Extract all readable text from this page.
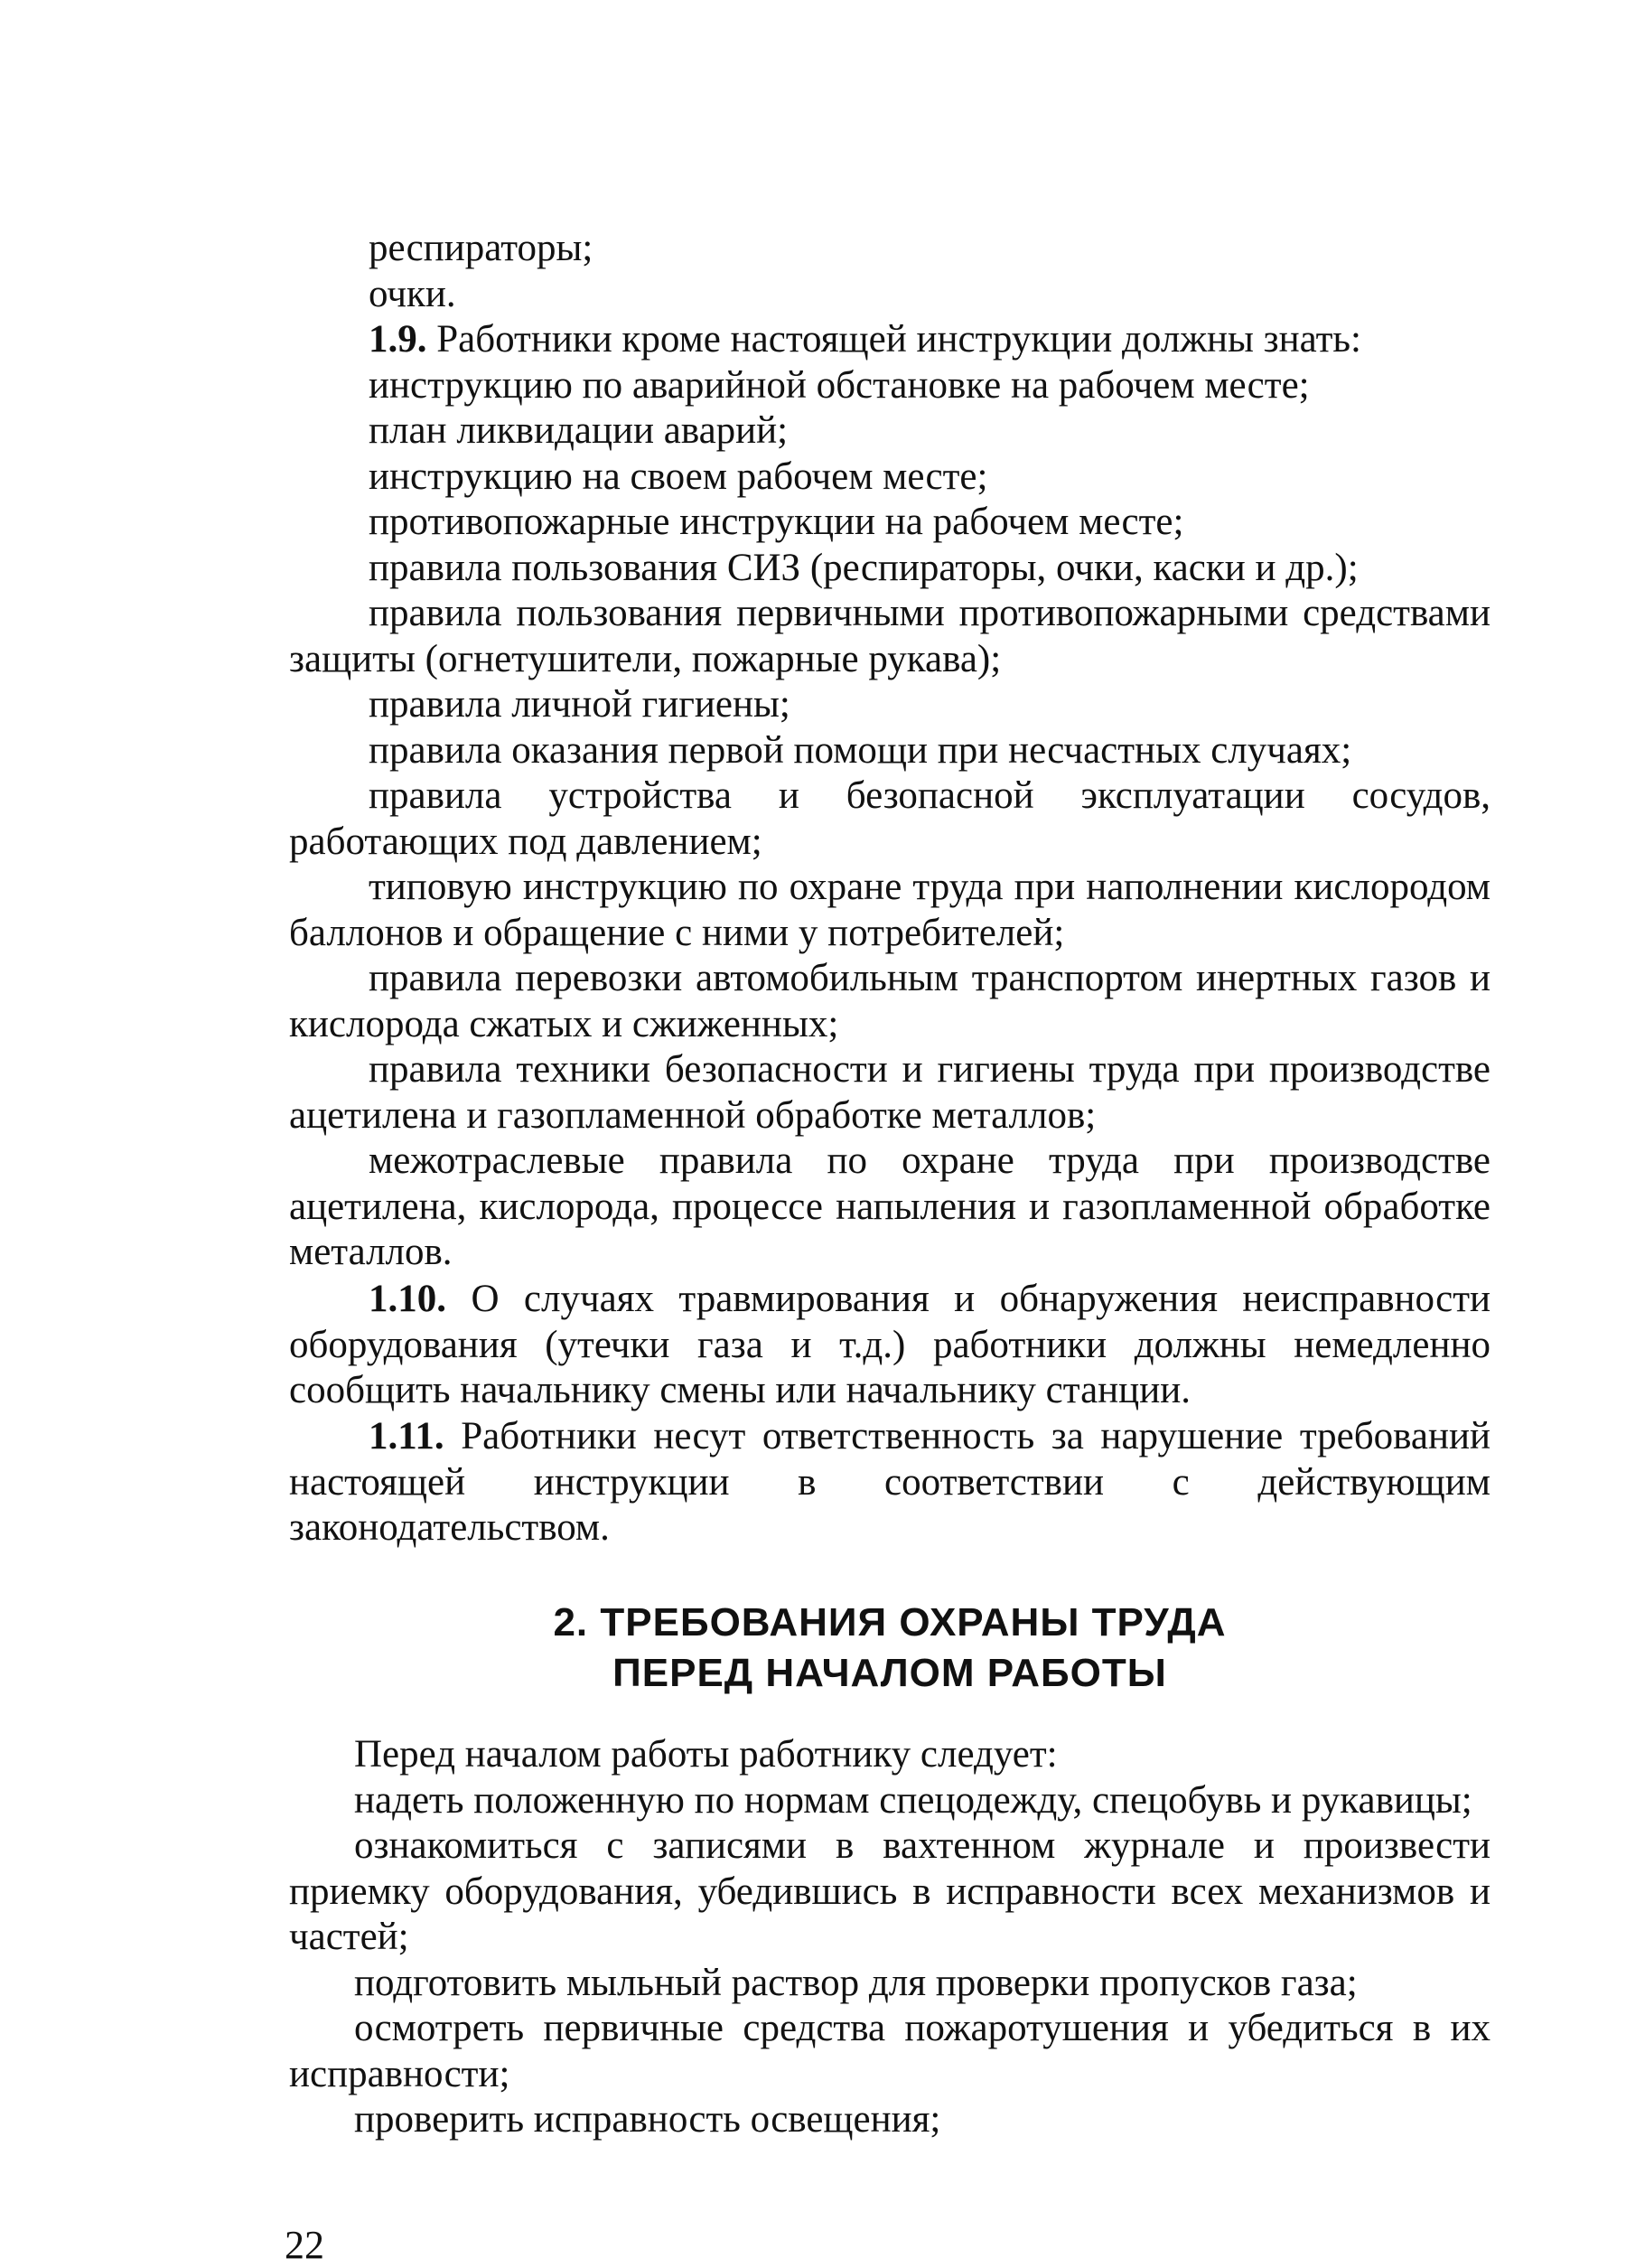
респираторы;

очки.

1.9. Работники кроме настоящей инструкции должны знать:

инструкцию по аварийной обстановке на рабочем месте;

план ликвидации аварий;

инструкцию на своем рабочем месте;

противопожарные инструкции на рабочем месте;

правила пользования СИЗ (респираторы, очки, каски и др.);

правила пользования первичными противопожарными средствами защиты (огнетушители, пожарные рукава);

правила личной гигиены;

правила оказания первой помощи при несчастных случаях;

правила устройства и безопасной эксплуатации сосудов, работающих под давлением;

типовую инструкцию по охране труда при наполнении кислородом баллонов и обращение с ними у потребителей;

правила перевозки автомобильным транспортом инертных газов и кислорода сжатых и сжиженных;

правила техники безопасности и гигиены труда при производстве ацетилена и газопламенной обработке металлов;

межотраслевые правила по охране труда при производстве ацетилена, кислорода, процессе напыления и газопламенной обработке металлов.

1.10. О случаях травмирования и обнаружения неисправности оборудования (утечки газа и т.д.) работники должны немедленно сообщить начальнику смены или начальнику станции.

1.11. Работники несут ответственность за нарушение требований настоящей инструкции в соответствии с действующим законодательством.

2. ТРЕБОВАНИЯ ОХРАНЫ ТРУДА
ПЕРЕД НАЧАЛОМ РАБОТЫ

Перед началом работы работнику следует:

надеть положенную по нормам спецодежду, спецобувь и рукавицы;

ознакомиться с записями в вахтенном журнале и произвести приемку оборудования, убедившись в исправности всех механизмов и частей;

подготовить мыльный раствор для проверки пропусков газа;

осмотреть первичные средства пожаротушения и убедиться в их исправности;

проверить исправность освещения;

22
